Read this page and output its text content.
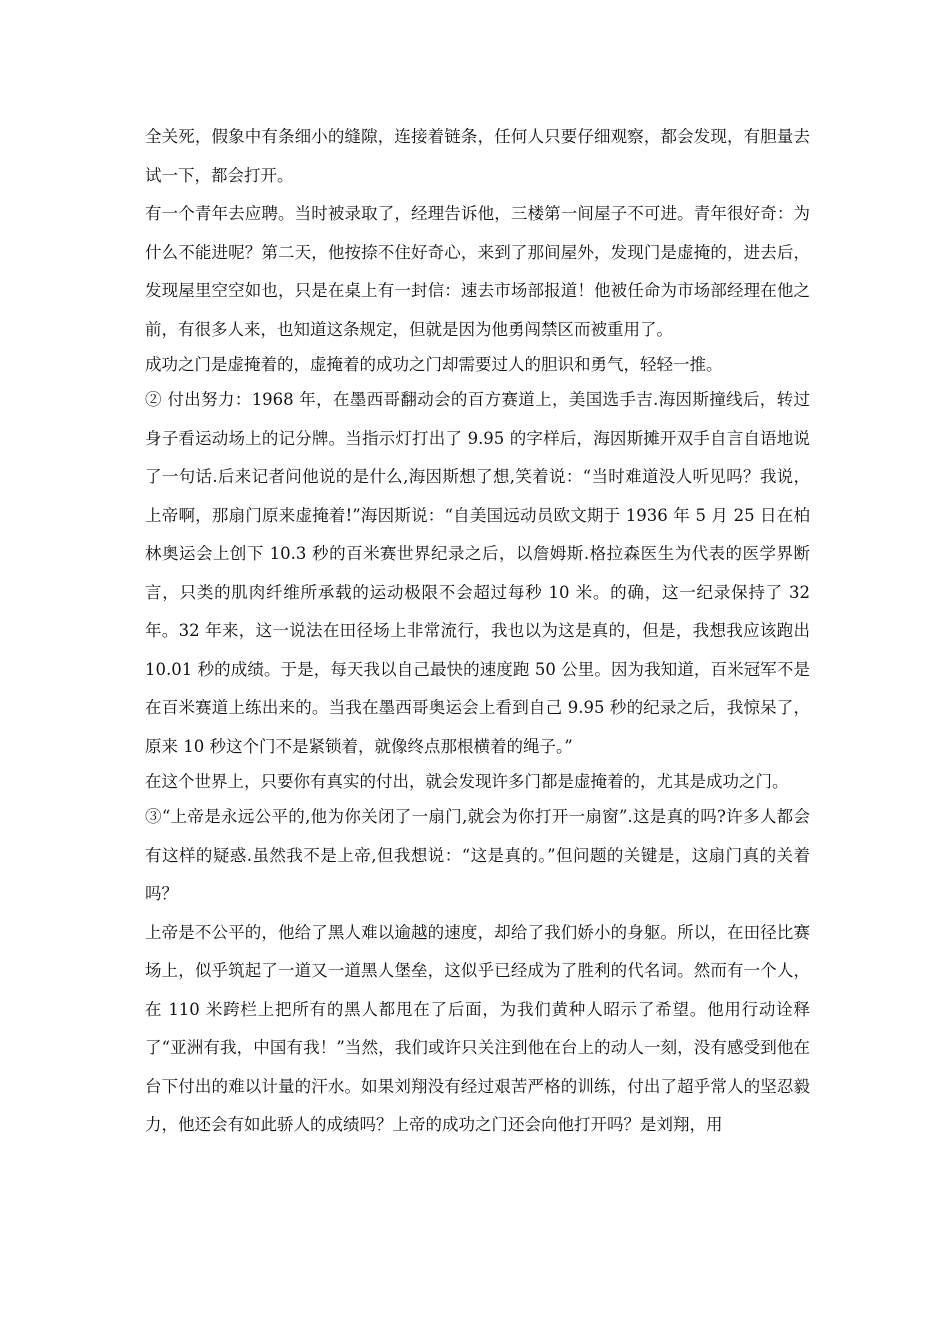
全关死，假象中有条细小的缝隙，连接着链条，任何人只要仔细观察，都会发现，有胆量去试一下，都会打开。

有一个青年去应聘。当时被录取了，经理告诉他，三楼第一间屋子不可进。青年很好奇：为什么不能进呢？第二天，他按捺不住好奇心，来到了那间屋外，发现门是虚掩的，进去后，发现屋里空空如也，只是在桌上有一封信：速去市场部报道！他被任命为市场部经理在他之前，有很多人来，也知道这条规定，但就是因为他勇闯禁区而被重用了。

成功之门是虚掩着的，虚掩着的成功之门却需要过人的胆识和勇气，轻轻一推。

② 付出努力：1968 年，在墨西哥翻动会的百方赛道上，美国选手吉.海因斯撞线后，转过身子看运动场上的记分牌。当指示灯打出了 9.95 的字样后，海因斯摊开双手自言自语地说了一句话.后来记者问他说的是什么,海因斯想了想,笑着说：“当时难道没人听见吗？我说，上帝啊，那扇门原来虚掩着!”海因斯说：“自美国远动员欧文期于 1936 年 5 月 25 日在柏林奥运会上创下 10.3 秒的百米赛世界纪录之后，以詹姆斯.格拉森医生为代表的医学界断言，只类的肌肉纤维所承载的运动极限不会超过每秒 10 米。的确，这一纪录保持了 32 年。32 年来，这一说法在田径场上非常流行，我也以为这是真的，但是，我想我应该跑出 10.01 秒的成绩。于是，每天我以自己最快的速度跑 50 公里。因为我知道，百米冠军不是在百米赛道上练出来的。当我在墨西哥奥运会上看到自己 9.95 秒的纪录之后，我惊呆了，原来 10 秒这个门不是紧锁着，就像终点那根横着的绳子。”

在这个世界上，只要你有真实的付出，就会发现许多门都是虚掩着的，尤其是成功之门。

③“上帝是永远公平的,他为你关闭了一扇门,就会为你打开一扇窗”.这是真的吗?许多人都会有这样的疑惑.虽然我不是上帝,但我想说：“这是真的。”但问题的关键是，这扇门真的关着吗？

上帝是不公平的，他给了黑人难以逾越的速度，却给了我们娇小的身躯。所以，在田径比赛场上，似乎筑起了一道又一道黑人堡垒，这似乎已经成为了胜利的代名词。然而有一个人，在 110 米跨栏上把所有的黑人都甩在了后面，为我们黄种人昭示了希望。他用行动诠释了“亚洲有我，中国有我！”当然，我们或许只关注到他在台上的动人一刻，没有感受到他在台下付出的难以计量的汗水。如果刘翔没有经过艰苦严格的训练，付出了超乎常人的坚忍毅力，他还会有如此骄人的成绩吗？上帝的成功之门还会向他打开吗？是刘翔，用
